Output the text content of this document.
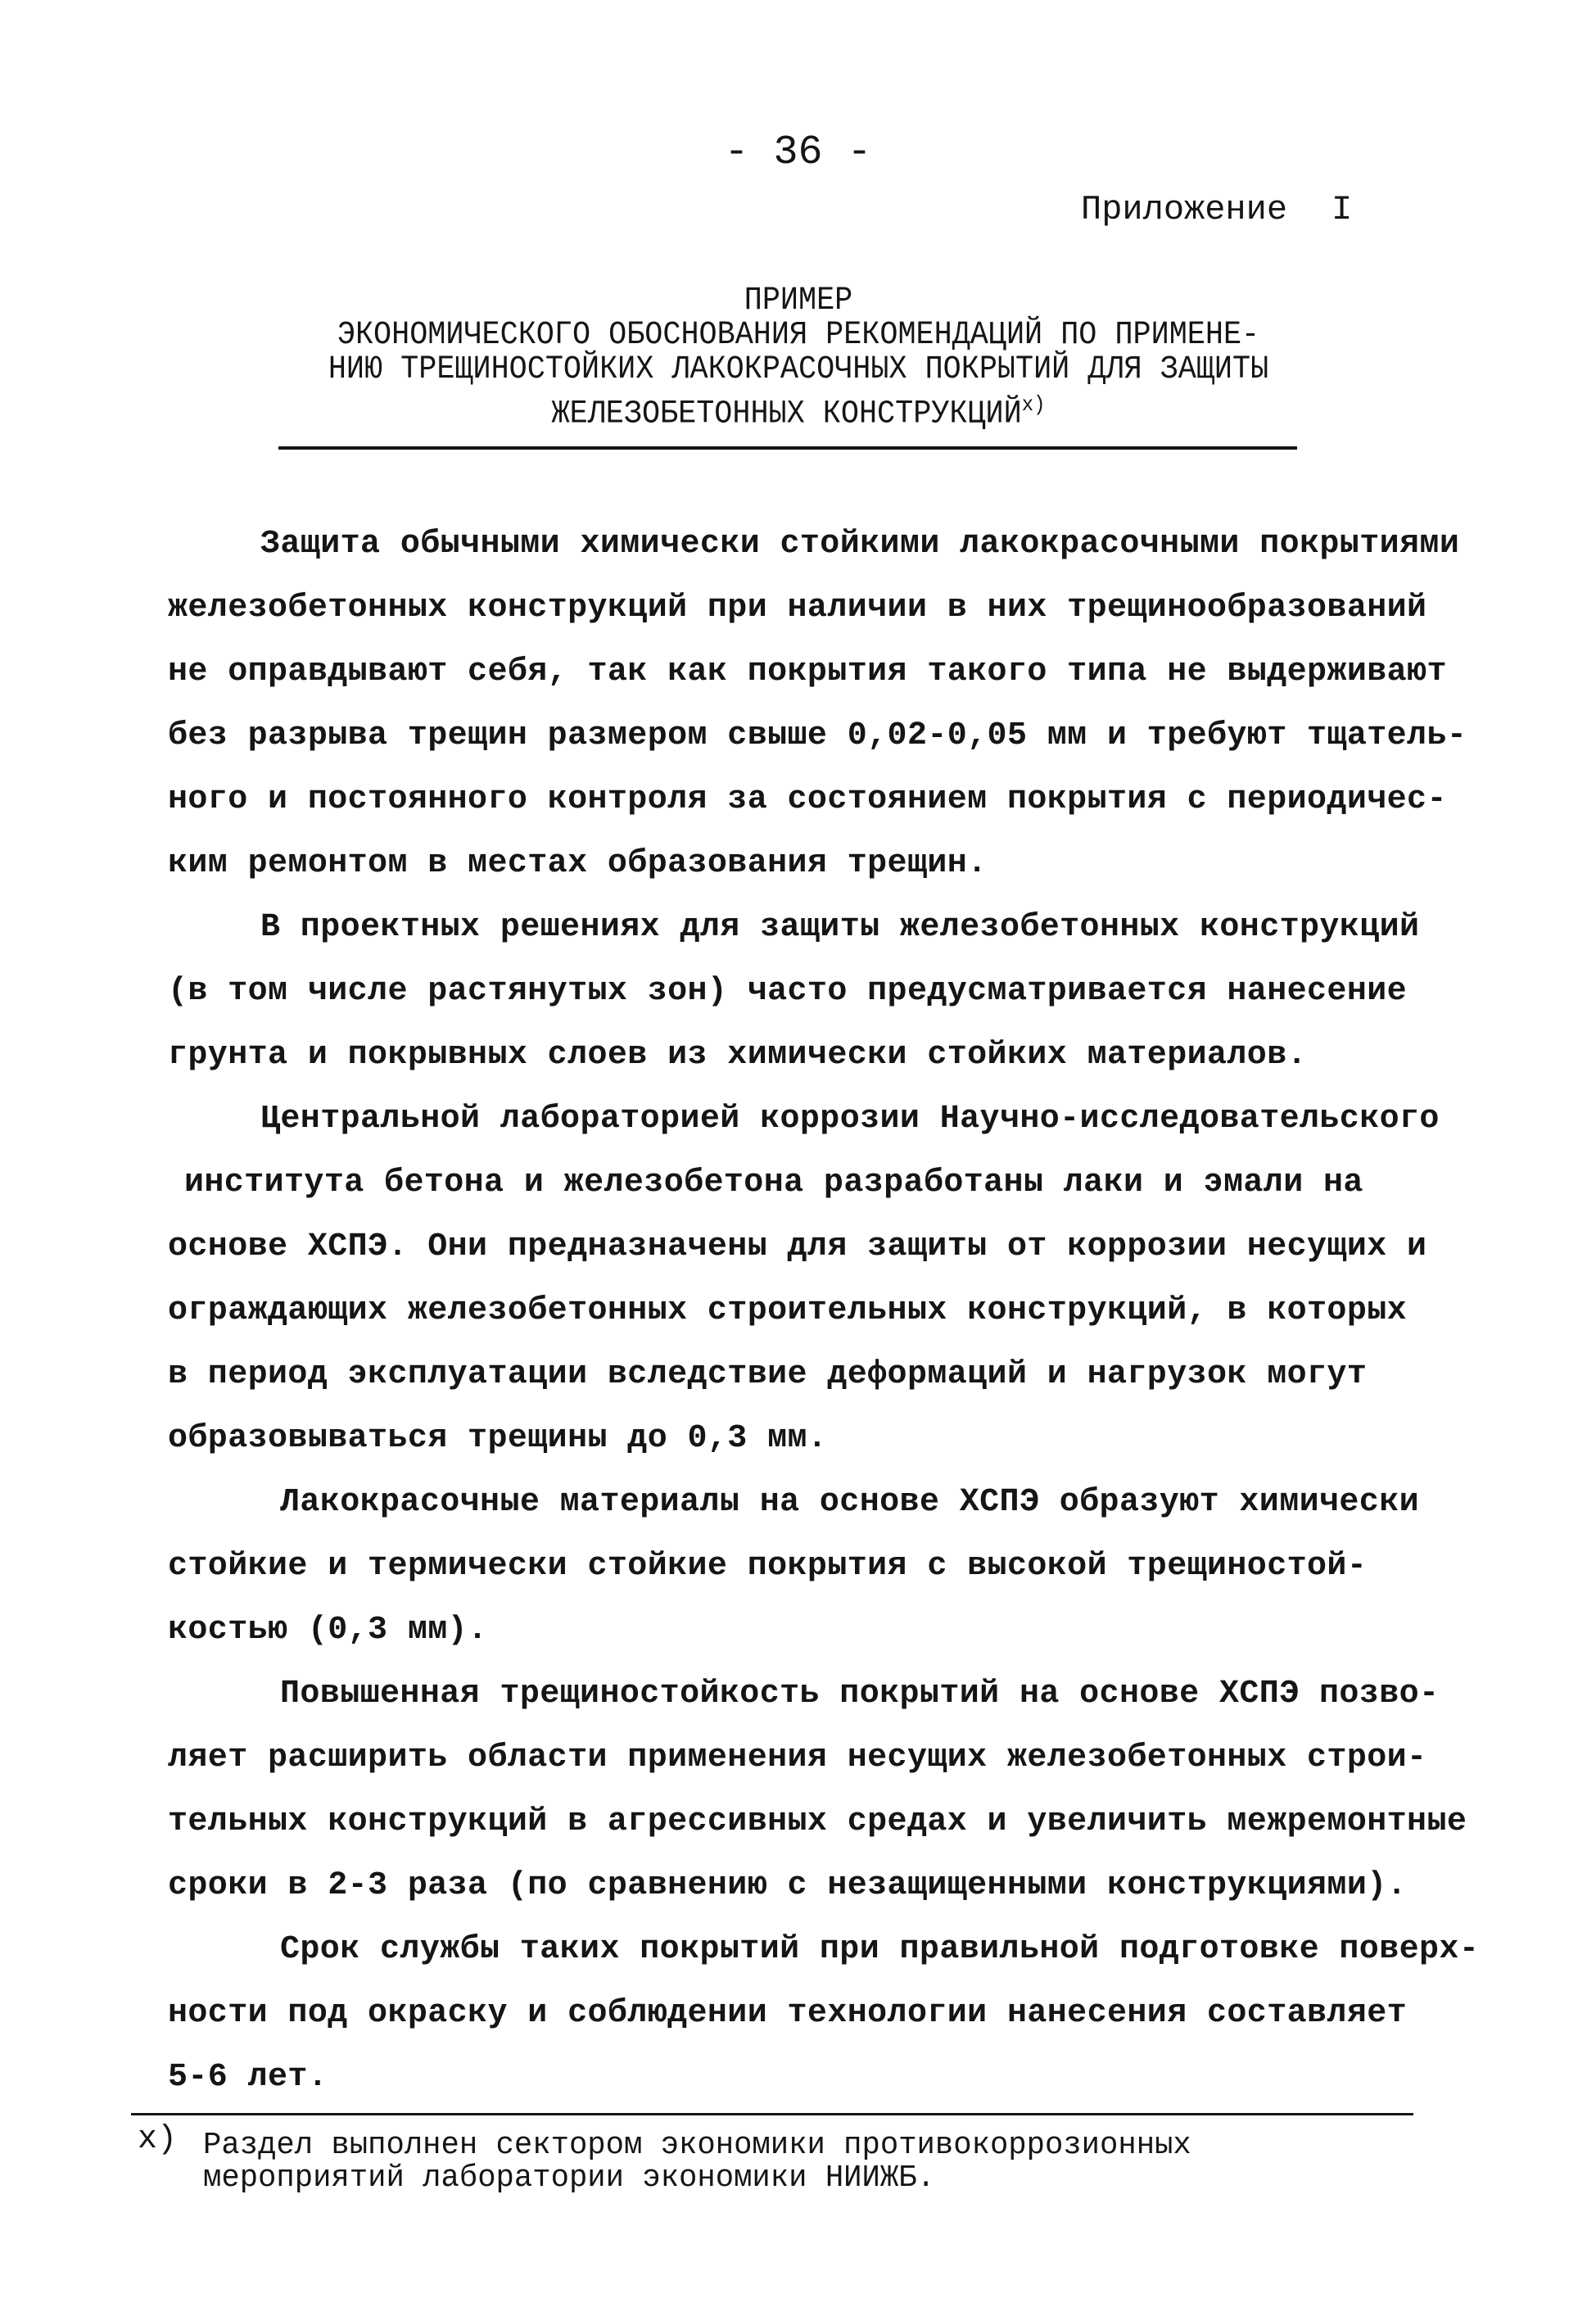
- 36 -
Приложение I
ПРИМЕР
ЭКОНОМИЧЕСКОГО ОБОСНОВАНИЯ РЕКОМЕНДАЦИЙ ПО ПРИМЕНЕ-
НИЮ ТРЕЩИНОСТОЙКИХ ЛАКОКРАСОЧНЫХ ПОКРЫТИЙ ДЛЯ ЗАЩИТЫ
ЖЕЛЕЗОБЕТОННЫХ $КОНСТРУКЦИЙ^{х)}$
Защита обычными химически стойкими лакокрасочными покрытиями
железобетонных конструкций при наличии в них трещинообразований
не оправдывают себя, так как покрытия такого типа не выдерживают
без разрыва трещин размером свыше 0,02-0,05 мм и требуют тщатель-
ного и постоянного контроля за состоянием покрытия с периодичес-
ким ремонтом в местах образования трещин.
В проектных решениях для защиты железобетонных конструкций
(в том числе растянутых зон) часто предусматривается нанесение
грунта и покрывных слоев из химически стойких материалов.
Центральной лабораторией коррозии Научно-исследовательского
института бетона и железобетона разработаны лаки и эмали на
основе ХСПЭ. Они предназначены для защиты от коррозии несущих и
ограждающих железобетонных строительных конструкций, в которых
в период эксплуатации вследствие деформаций и нагрузок могут
образовываться трещины до 0,3 мм.
Лакокрасочные материалы на основе ХСПЭ образуют химически
стойкие и термически стойкие покрытия с высокой трещиностой-
костью (0,3 мм).
Повышенная трещиностойкость покрытий на основе ХСПЭ позво-
ляет расширить области применения несущих железобетонных строи-
тельных конструкций в агрессивных средах и увеличить межремонтные
сроки в 2-3 раза (по сравнению с незащищенными конструкциями).
Срок службы таких покрытий при правильной подготовке поверх-
ности под окраску и соблюдении технологии нанесения составляет
5-6 лет.
х) Раздел выполнен сектором экономики противокоррозионных
мероприятий лаборатории экономики НИИЖБ.
